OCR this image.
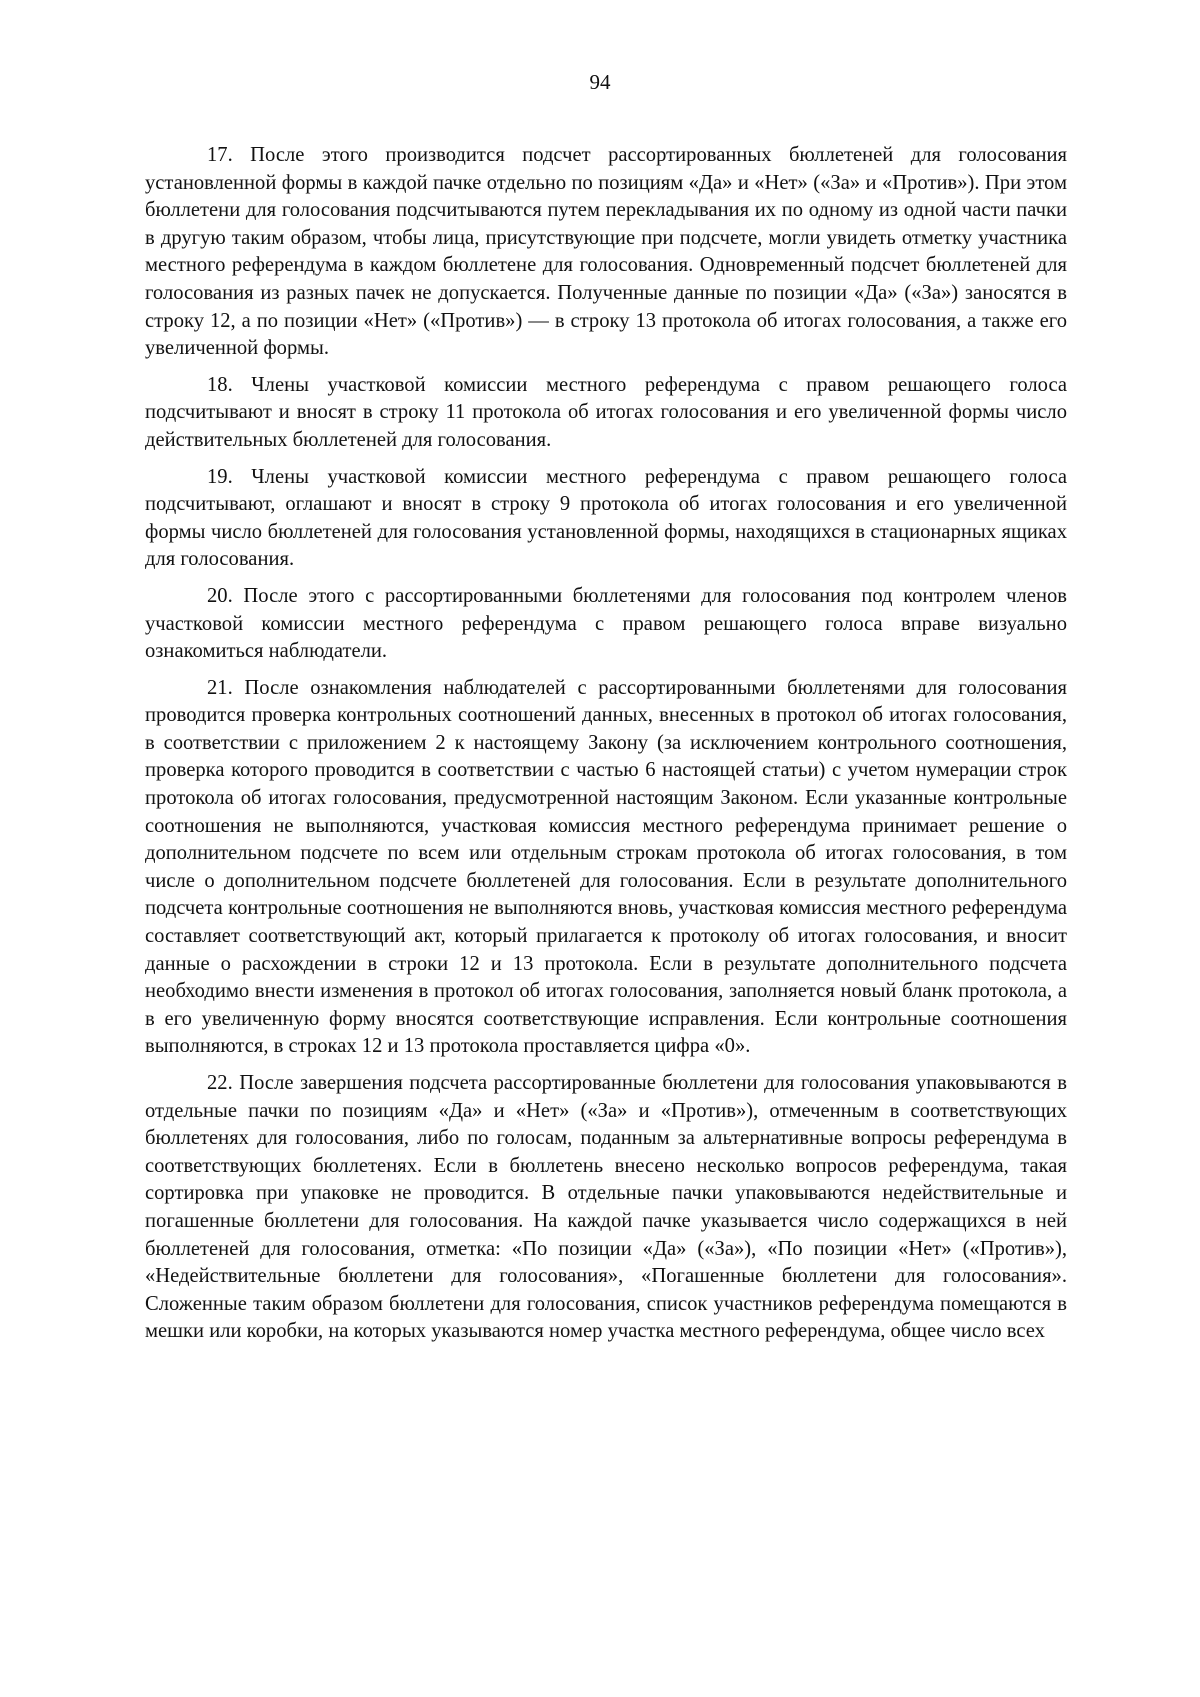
94

17. После этого производится подсчет рассортированных бюллетеней для голосования установленной формы в каждой пачке отдельно по позициям «Да» и «Нет» («За» и «Против»). При этом бюллетени для голосования подсчитываются путем перекладывания их по одному из одной части пачки в другую таким образом, чтобы лица, присутствующие при подсчете, могли увидеть отметку участника местного референдума в каждом бюллетене для голосования. Одновременный подсчет бюллетеней для голосования из разных пачек не допускается. Полученные данные по позиции «Да» («За») заносятся в строку 12, а по позиции «Нет» («Против») — в строку 13 протокола об итогах голосования, а также его увеличенной формы.

18. Члены участковой комиссии местного референдума с правом решающего голоса подсчитывают и вносят в строку 11 протокола об итогах голосования и его увеличенной формы число действительных бюллетеней для голосования.

19. Члены участковой комиссии местного референдума с правом решающего голоса подсчитывают, оглашают и вносят в строку 9 протокола об итогах голосования и его увеличенной формы число бюллетеней для голосования установленной формы, находящихся в стационарных ящиках для голосования.

20. После этого с рассортированными бюллетенями для голосования под контролем членов участковой комиссии местного референдума с правом решающего голоса вправе визуально ознакомиться наблюдатели.

21. После ознакомления наблюдателей с рассортированными бюллетенями для голосования проводится проверка контрольных соотношений данных, внесенных в протокол об итогах голосования, в соответствии с приложением 2 к настоящему Закону (за исключением контрольного соотношения, проверка которого проводится в соответствии с частью 6 настоящей статьи) с учетом нумерации строк протокола об итогах голосования, предусмотренной настоящим Законом. Если указанные контрольные соотношения не выполняются, участковая комиссия местного референдума принимает решение о дополнительном подсчете по всем или отдельным строкам протокола об итогах голосования, в том числе о дополнительном подсчете бюллетеней для голосования. Если в результате дополнительного подсчета контрольные соотношения не выполняются вновь, участковая комиссия местного референдума составляет соответствующий акт, который прилагается к протоколу об итогах голосования, и вносит данные о расхождении в строки 12 и 13 протокола. Если в результате дополнительного подсчета необходимо внести изменения в протокол об итогах голосования, заполняется новый бланк протокола, а в его увеличенную форму вносятся соответствующие исправления. Если контрольные соотношения выполняются, в строках 12 и 13 протокола проставляется цифра «0».

22. После завершения подсчета рассортированные бюллетени для голосования упаковываются в отдельные пачки по позициям «Да» и «Нет» («За» и «Против»), отмеченным в соответствующих бюллетенях для голосования, либо по голосам, поданным за альтернативные вопросы референдума в соответствующих бюллетенях. Если в бюллетень внесено несколько вопросов референдума, такая сортировка при упаковке не проводится. В отдельные пачки упаковываются недействительные и погашенные бюллетени для голосования. На каждой пачке указывается число содержащихся в ней бюллетеней для голосования, отметка: «По позиции «Да» («За»), «По позиции «Нет» («Против»), «Недействительные бюллетени для голосования», «Погашенные бюллетени для голосования». Сложенные таким образом бюллетени для голосования, список участников референдума помещаются в мешки или коробки, на которых указываются номер участка местного референдума, общее число всех
